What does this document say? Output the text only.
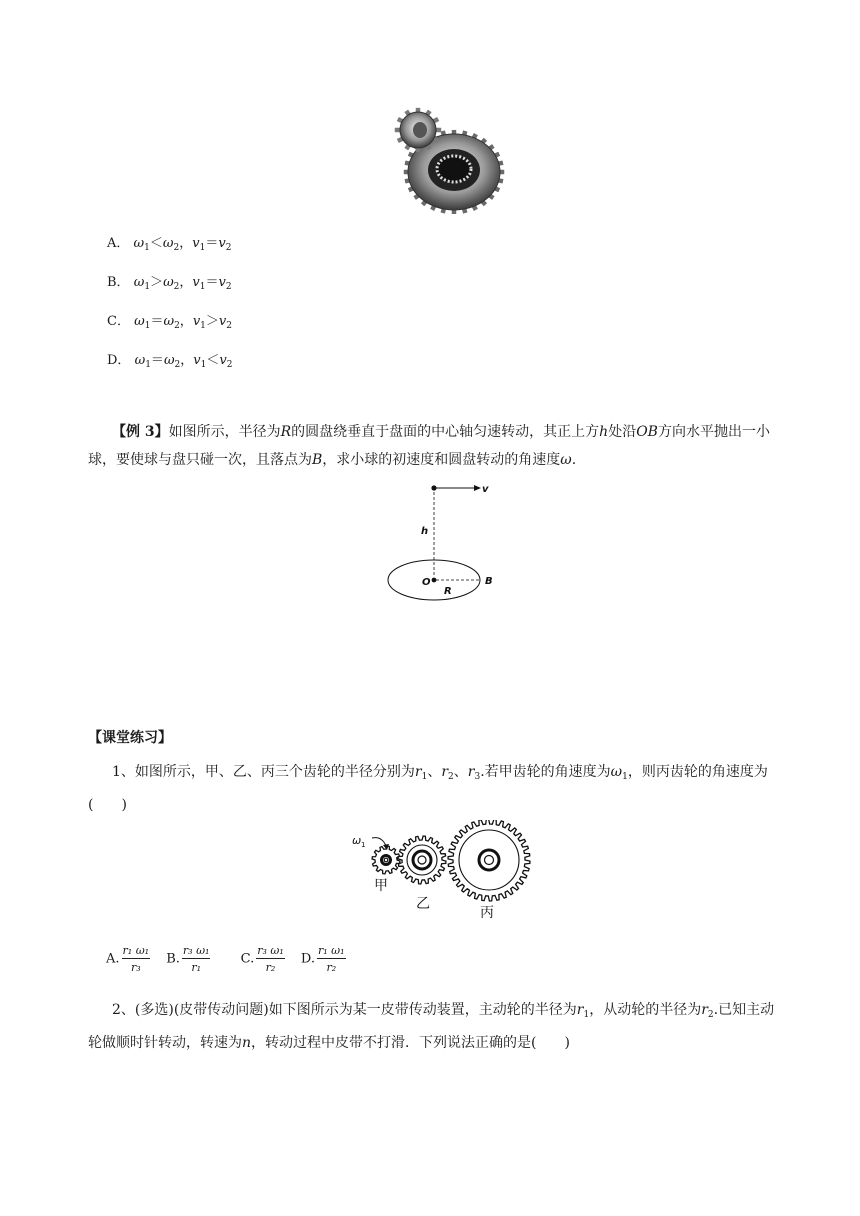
A． $\omega_1<\omega_2$，$v_1=v_2$
B． $\omega_1>\omega_2$，$v_1=v_2$
C． $\omega_1=\omega_2$，$v_1>v_2$
D． $\omega_1=\omega_2$，$v_1<v_2$
【例 3】如图所示，半径为R的圆盘绕垂直于盘面的中心轴匀速转动，其正上方h处沿OB方向水平抛出一小球，要使球与盘只碰一次，且落点为B，求小球的初速度和圆盘转动的角速度ω.
v
h
O
R
B
【课堂练习】
1、如图所示，甲、乙、丙三个齿轮的半径分别为$r_1$、$r_2$、$r_3$.若甲齿轮的角速度为$\omega_1$，则丙齿轮的角速度为(　　)
ω 1
甲
乙
丙
A. $\frac{\text{r₁ ω₁}}{\text{r₃}} B$. $\frac{\text{r₃ ω₁}}{\text{r₁}} C$. $\frac{\text{r₃ ω₁}}{\text{r₂}} D$. $\frac{\text{r₁ ω₁}}{\text{r₂}}$
2、(多选)(皮带传动问题)如下图所示为某一皮带传动装置，主动轮的半径为$r_1$，从动轮的半径为$r_2$.已知主动轮做顺时针转动，转速为n，转动过程中皮带不打滑．下列说法正确的是(　　)
